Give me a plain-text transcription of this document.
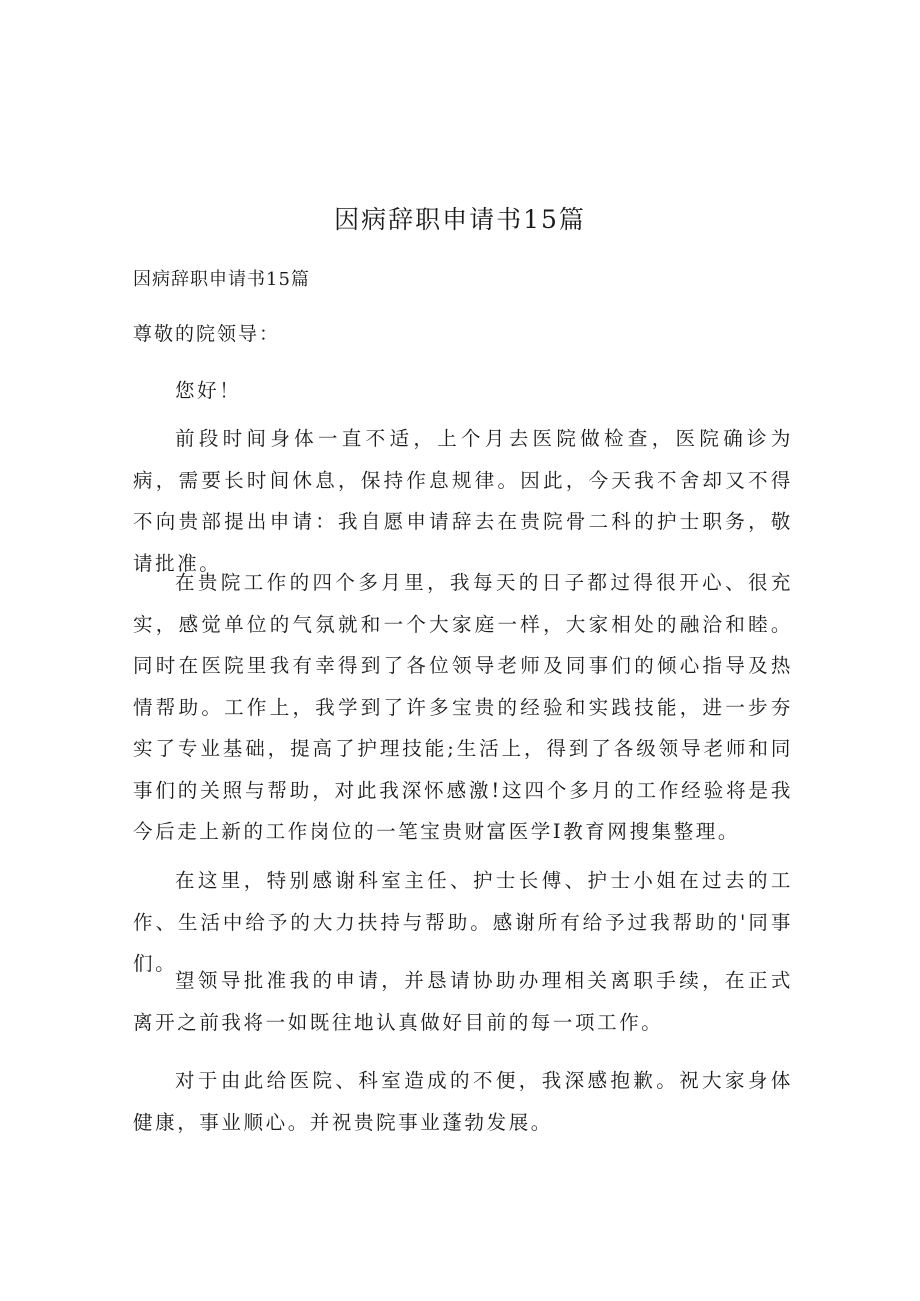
因病辞职申请书15篇

因病辞职申请书15篇

尊敬的院领导：

您好！

前段时间身体一直不适，上个月去医院做检查，医院确诊为病，需要长时间休息，保持作息规律。因此，今天我不舍却又不得不向贵部提出申请：我自愿申请辞去在贵院骨二科的护士职务，敬请批准。

在贵院工作的四个多月里，我每天的日子都过得很开心、很充实，感觉单位的气氛就和一个大家庭一样，大家相处的融洽和睦。同时在医院里我有幸得到了各位领导老师及同事们的倾心指导及热情帮助。工作上，我学到了许多宝贵的经验和实践技能，进一步夯实了专业基础，提高了护理技能;生活上，得到了各级领导老师和同事们的关照与帮助，对此我深怀感激!这四个多月的工作经验将是我今后走上新的工作岗位的一笔宝贵财富医学I教育网搜集整理。

在这里，特别感谢科室主任、护士长傅、护士小姐在过去的工作、生活中给予的大力扶持与帮助。感谢所有给予过我帮助的'同事们。

望领导批准我的申请，并恳请协助办理相关离职手续，在正式离开之前我将一如既往地认真做好目前的每一项工作。

对于由此给医院、科室造成的不便，我深感抱歉。祝大家身体健康，事业顺心。并祝贵院事业蓬勃发展。
